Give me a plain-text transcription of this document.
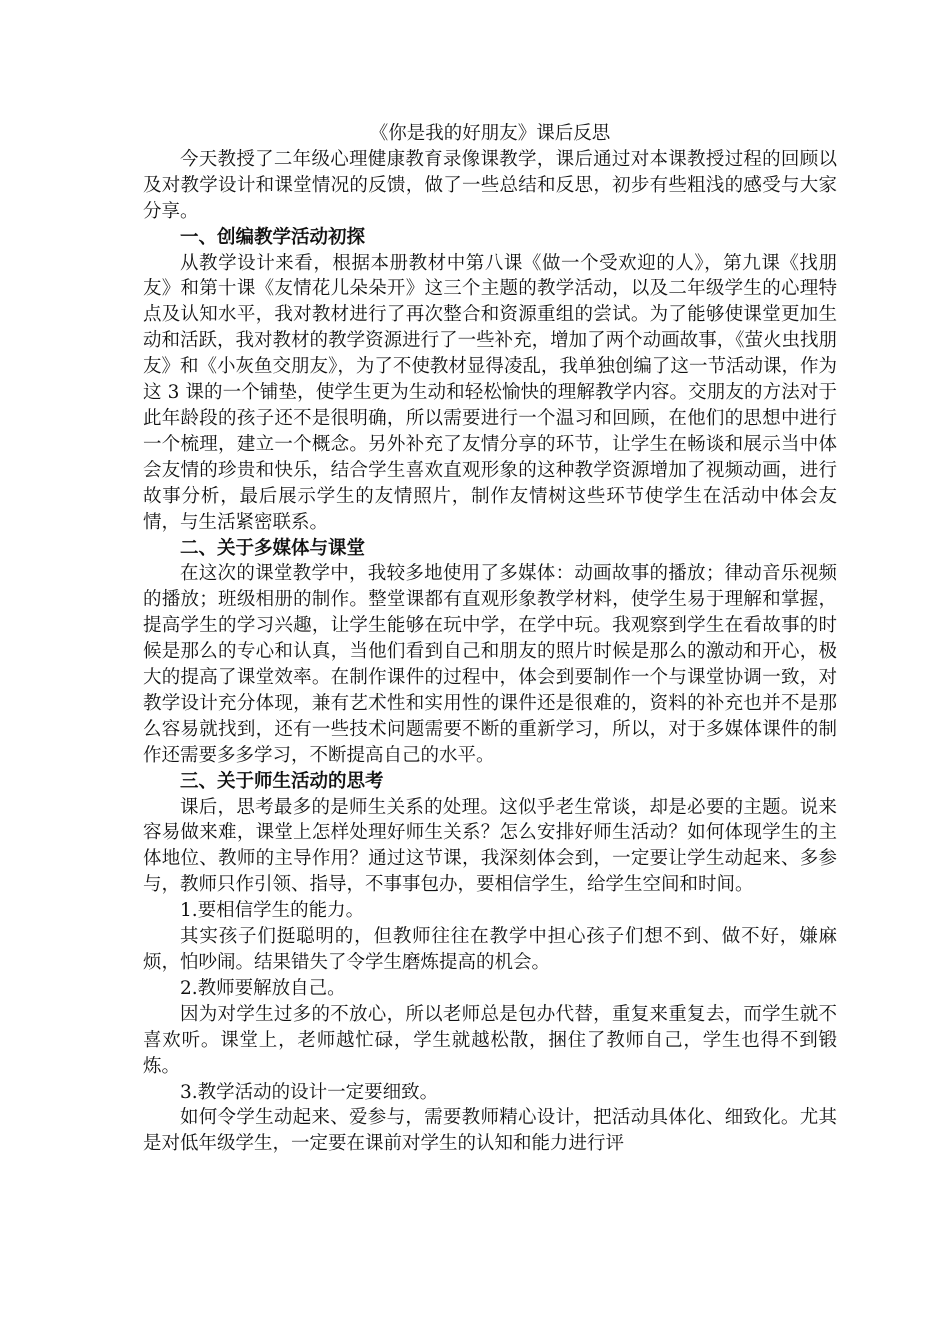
《你是我的好朋友》课后反思

今天教授了二年级心理健康教育录像课教学，课后通过对本课教授过程的回顾以及对教学设计和课堂情况的反馈，做了一些总结和反思，初步有些粗浅的感受与大家分享。

一、创编教学活动初探

从教学设计来看，根据本册教材中第八课《做一个受欢迎的人》，第九课《找朋友》和第十课《友情花儿朵朵开》这三个主题的教学活动，以及二年级学生的心理特点及认知水平，我对教材进行了再次整合和资源重组的尝试。为了能够使课堂更加生动和活跃，我对教材的教学资源进行了一些补充，增加了两个动画故事，《萤火虫找朋友》和《小灰鱼交朋友》，为了不使教材显得凌乱，我单独创编了这一节活动课，作为这 3 课的一个铺垫，使学生更为生动和轻松愉快的理解教学内容。交朋友的方法对于此年龄段的孩子还不是很明确，所以需要进行一个温习和回顾，在他们的思想中进行一个梳理，建立一个概念。另外补充了友情分享的环节，让学生在畅谈和展示当中体会友情的珍贵和快乐，结合学生喜欢直观形象的这种教学资源增加了视频动画，进行故事分析，最后展示学生的友情照片，制作友情树这些环节使学生在活动中体会友情，与生活紧密联系。

二、关于多媒体与课堂

在这次的课堂教学中，我较多地使用了多媒体：动画故事的播放；律动音乐视频的播放；班级相册的制作。整堂课都有直观形象教学材料，使学生易于理解和掌握，提高学生的学习兴趣，让学生能够在玩中学，在学中玩。我观察到学生在看故事的时候是那么的专心和认真，当他们看到自己和朋友的照片时候是那么的激动和开心，极大的提高了课堂效率。在制作课件的过程中，体会到要制作一个与课堂协调一致，对教学设计充分体现，兼有艺术性和实用性的课件还是很难的，资料的补充也并不是那么容易就找到，还有一些技术问题需要不断的重新学习，所以，对于多媒体课件的制作还需要多多学习，不断提高自己的水平。

三、关于师生活动的思考

课后，思考最多的是师生关系的处理。这似乎老生常谈，却是必要的主题。说来容易做来难，课堂上怎样处理好师生关系？怎么安排好师生活动？如何体现学生的主体地位、教师的主导作用？通过这节课，我深刻体会到，一定要让学生动起来、多参与，教师只作引领、指导，不事事包办，要相信学生，给学生空间和时间。

1.要相信学生的能力。

其实孩子们挺聪明的，但教师往往在教学中担心孩子们想不到、做不好，嫌麻烦，怕吵闹。结果错失了令学生磨炼提高的机会。

2.教师要解放自己。

因为对学生过多的不放心，所以老师总是包办代替，重复来重复去，而学生就不喜欢听。课堂上，老师越忙碌，学生就越松散，捆住了教师自己，学生也得不到锻炼。

3.教学活动的设计一定要细致。

如何令学生动起来、爱参与，需要教师精心设计，把活动具体化、细致化。尤其是对低年级学生，一定要在课前对学生的认知和能力进行评
